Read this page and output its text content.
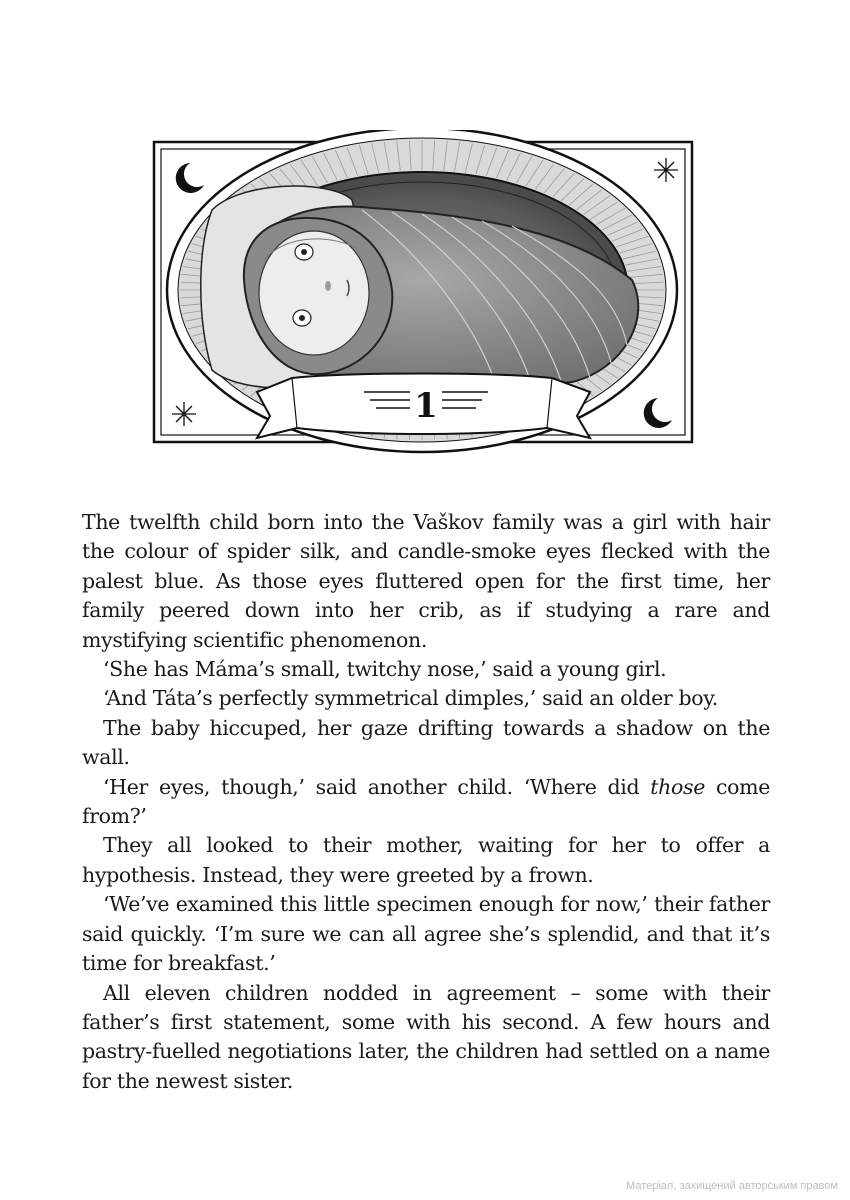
1

The twelfth child born into the Vaškov family was a girl with hair the colour of spider silk, and candle-smoke eyes flecked with the palest blue. As those eyes fluttered open for the first time, her family peered down into her crib, as if studying a rare and mystifying scientific phenomenon.

‘She has Máma’s small, twitchy nose,’ said a young girl.

‘And Táta’s perfectly symmetrical dimples,’ said an older boy.

The baby hiccuped, her gaze drifting towards a shadow on the wall.

‘Her eyes, though,’ said another child. ‘Where did those come from?’

They all looked to their mother, waiting for her to offer a hypothesis. Instead, they were greeted by a frown.

‘We’ve examined this little specimen enough for now,’ their father said quickly. ‘I’m sure we can all agree she’s splendid, and that it’s time for breakfast.’

All eleven children nodded in agreement – some with their father’s first statement, some with his second. A few hours and pastry-fuelled negotiations later, the children had settled on a name for the newest sister.

Матеріал, захищений авторським правом
